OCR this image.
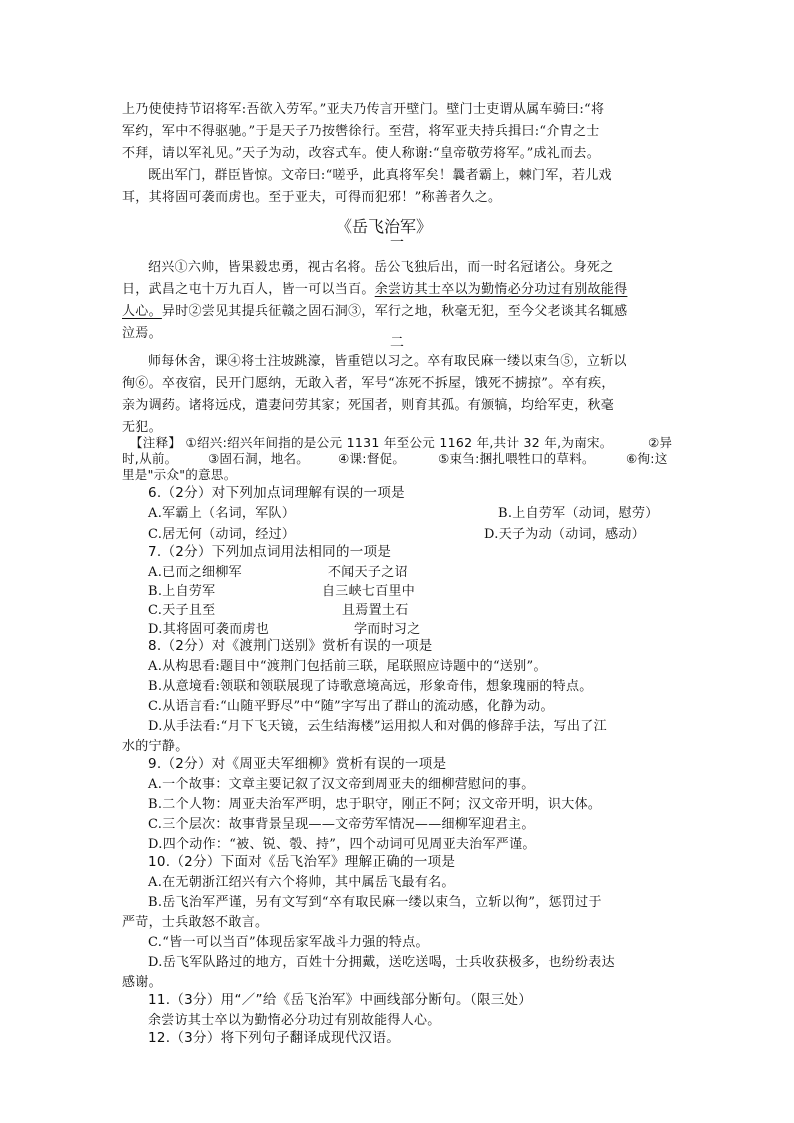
上乃使使持节诏将军:吾欲入劳军。”亚夫乃传言开壁门。壁门士吏谓从属车骑曰:“将
军约，军中不得驱驰。”于是天子乃按辔徐行。至营，将军亚夫持兵揖曰:“介胄之士
不拜，请以军礼见。”天子为动，改容式车。使人称谢:“皇帝敬劳将军。”成礼而去。
既出军门，群臣皆惊。文帝曰:“嗟乎，此真将军矣！曩者霸上，棘门军，若儿戏
耳，其将固可袭而虏也。至于亚夫，可得而犯邪！”称善者久之。
《岳飞治军》
一
绍兴①六帅，皆果毅忠勇，视古名将。岳公飞独后出，而一时名冠诸公。身死之
日，武昌之屯十万九百人，皆一可以当百。余尝访其士卒以为勤惰必分功过有别故能得
人心。异时②尝见其提兵征赣之固石洞③，军行之地，秋毫无犯，至今父老谈其名辄感
泣焉。
二
师每休舍，课④将士注坡跳濠，皆重铠以习之。卒有取民麻一缕以束刍⑤，立斩以
徇⑥。卒夜宿，民开门愿纳，无敢入者，军号“冻死不拆屋，饿死不掳掠”。卒有疾，
亲为调药。诸将远戍，遣妻问劳其家；死国者，则育其孤。有颁犒，均给军吏，秋毫
无犯。
【注释】 ①绍兴:绍兴年间指的是公元 1131 年至公元 1162 年,共计 32 年,为南宋。	②异
时,从前。 ③固石洞，地名。 ④课:督促。	⑤束刍:捆扎喂牲口的草料。 ⑥徇:这
里是"示众"的意思。
6.（2分）对下列加点词理解有误的一项是
A.军霸上（名词，军队）	B.上自劳军（动词，慰劳）
C.居无何（动词，经过）	D.天子为动（动词，感动）
7.（2分）下列加点词用法相同的一项是
A.已而之细柳军	不闻天子之诏
B.上自劳军	自三峡七百里中
C.天子且至	且焉置土石
D.其将固可袭而虏也	学而时习之
8.（2分）对《渡荆门送别》赏析有误的一项是
A.从构思看:题目中“渡荆门包括前三联，尾联照应诗题中的“送别”。
B.从意境看:领联和领联展现了诗歌意境高远，形象奇伟，想象瑰丽的特点。
C.从语言看:“山随平野尽”中“随”字写出了群山的流动感，化静为动。
D.从手法看:“月下飞天镜，云生结海楼”运用拟人和对偶的修辞手法，写出了江
水的宁静。
9.（2分）对《周亚夫军细柳》赏析有误的一项是
A.一个故事：文章主要记叙了汉文帝到周亚夫的细柳营慰问的事。
B.二个人物：周亚夫治军严明，忠于职守，刚正不阿；汉文帝开明，识大体。
C.三个层次：故事背景呈现——文帝劳军情况——细柳军迎君主。
D.四个动作：“被、锐、彀、持”，四个动词可见周亚夫治军严谨。
10.（2分）下面对《岳飞治军》理解正确的一项是
A.在无朝浙江绍兴有六个将帅，其中属岳飞最有名。
B.岳飞治军严谨，另有文写到“卒有取民麻一缕以束刍，立斩以徇”，惩罚过于
严苛，士兵敢怒不敢言。
C.“皆一可以当百”体现岳家军战斗力强的特点。
D.岳飞军队路过的地方，百姓十分拥戴，送吃送喝，士兵收获极多，也纷纷表达
感谢。
11.（3分）用“／”给《岳飞治军》中画线部分断句。（限三处）
余尝访其士卒以为勤惰必分功过有别故能得人心。
12.（3分）将下列句子翻译成现代汉语。
